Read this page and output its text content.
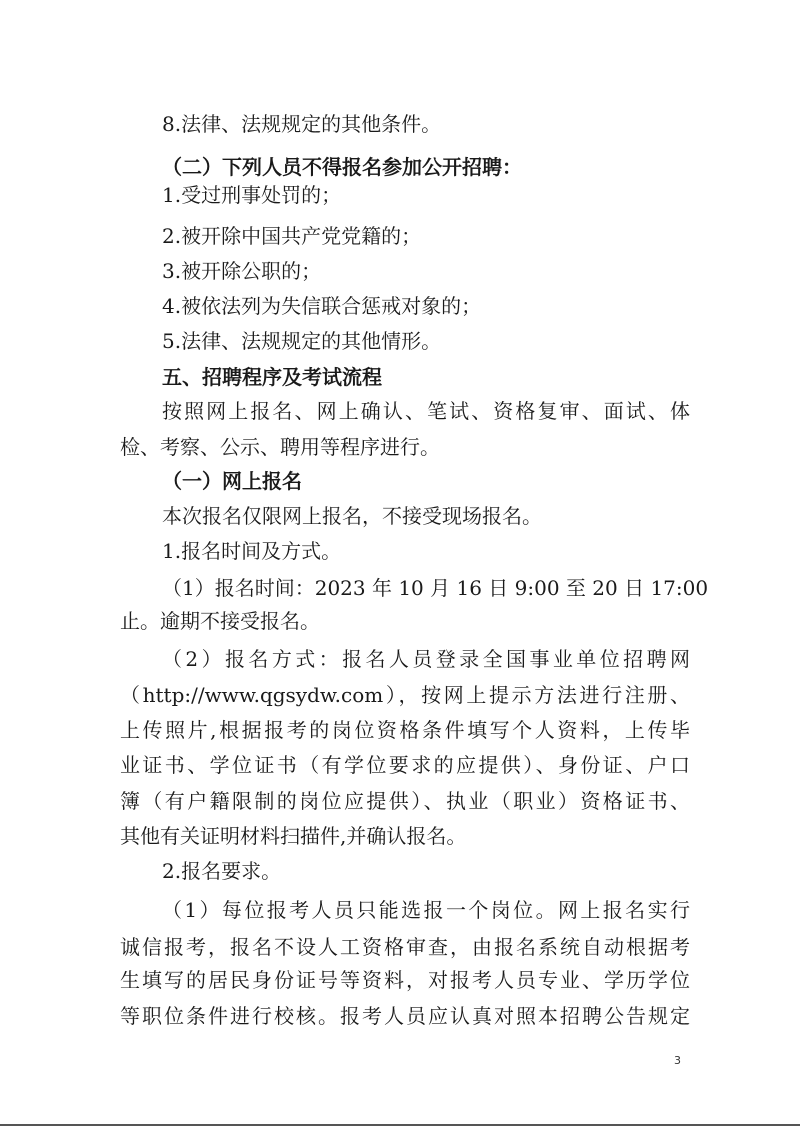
8.法律、法规规定的其他条件。
（二）下列人员不得报名参加公开招聘：
1.受过刑事处罚的；
2.被开除中国共产党党籍的；
3.被开除公职的；
4.被依法列为失信联合惩戒对象的；
5.法律、法规规定的其他情形。
五、招聘程序及考试流程
按照网上报名、网上确认、笔试、资格复审、面试、体
检、考察、公示、聘用等程序进行。
（一）网上报名
本次报名仅限网上报名，不接受现场报名。
1.报名时间及方式。
（1）报名时间：2023 年 10 月 16 日 9:00 至 20 日 17:00
止。逾期不接受报名。
（2）报名方式：报名人员登录全国事业单位招聘网
（http://www.qgsydw.com），按网上提示方法进行注册、
上传照片,根据报考的岗位资格条件填写个人资料，上传毕
业证书、学位证书（有学位要求的应提供）、身份证、户口
簿（有户籍限制的岗位应提供）、执业（职业）资格证书、
其他有关证明材料扫描件,并确认报名。
2.报名要求。
（1）每位报考人员只能选报一个岗位。网上报名实行
诚信报考，报名不设人工资格审查，由报名系统自动根据考
生填写的居民身份证号等资料，对报考人员专业、学历学位
等职位条件进行校核。报考人员应认真对照本招聘公告规定
3
